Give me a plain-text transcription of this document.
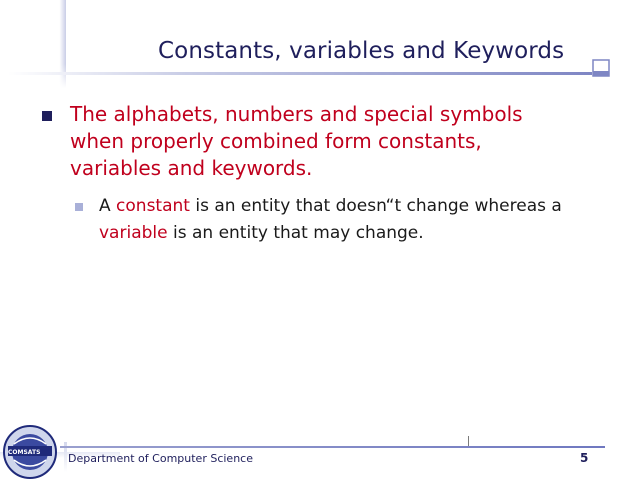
Constants, variables and Keywords

The alphabets, numbers and special symbols when properly combined form constants, variables and keywords.

A constant is an entity that doesn“t change whereas a variable is an entity that may change.

Department of Computer Science	5
COMSATS
